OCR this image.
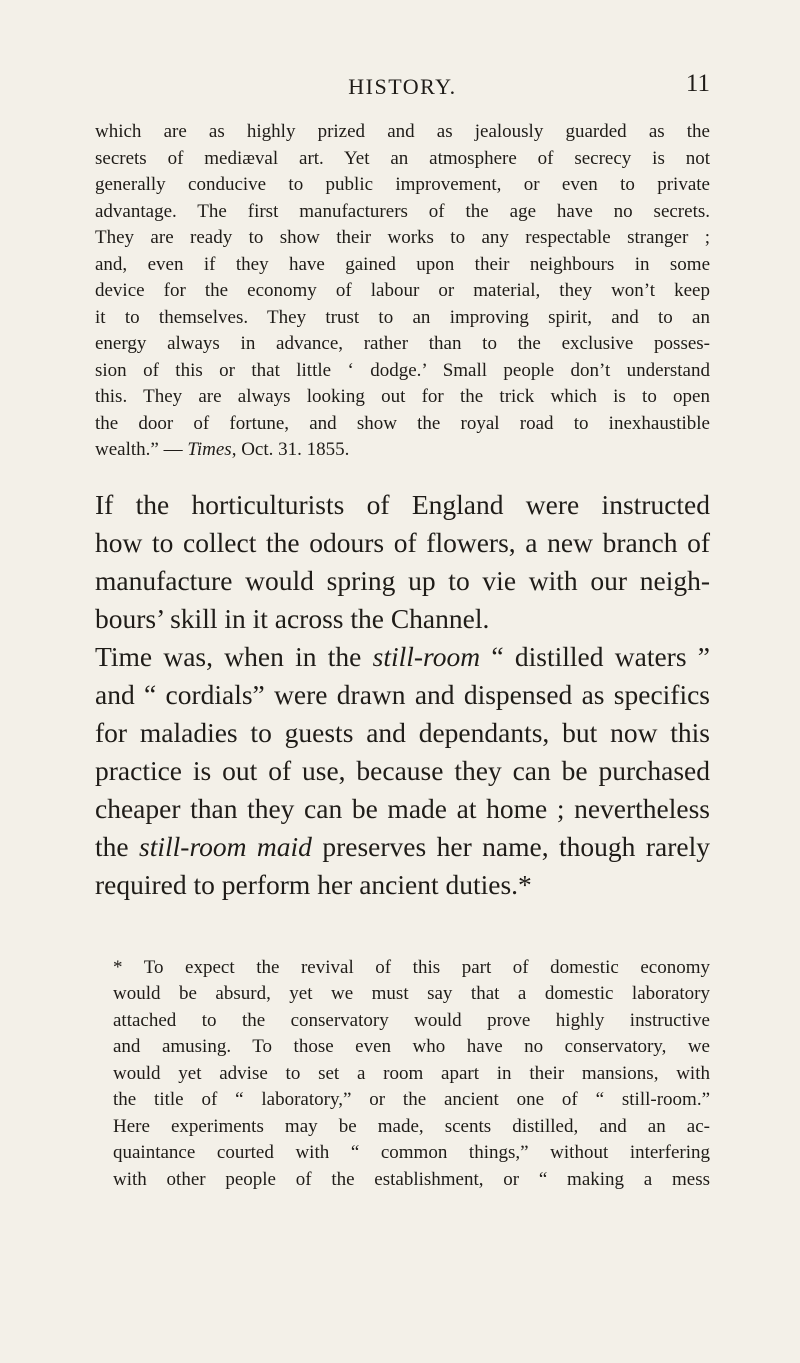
HISTORY.	11
which are as highly prized and as jealously guarded as the
secrets of mediæval art. Yet an atmosphere of secrecy is not
generally conducive to public improvement, or even to private
advantage. The first manufacturers of the age have no secrets.
They are ready to show their works to any respectable stranger ;
and, even if they have gained upon their neighbours in some
device for the economy of labour or material, they won’t keep
it to themselves. They trust to an improving spirit, and to an
energy always in advance, rather than to the exclusive posses-
sion of this or that little ‘ dodge.’ Small people don’t understand
this. They are always looking out for the trick which is to open
the door of fortune, and show the royal road to inexhaustible
wealth.” — Times, Oct. 31. 1855.
If the horticulturists of England were instructed
how to collect the odours of flowers, a new branch of
manufacture would spring up to vie with our neigh-
bours’ skill in it across the Channel.
Time was, when in the still-room “ distilled waters ”
and “ cordials” were drawn and dispensed as specifics
for maladies to guests and dependants, but now this
practice is out of use, because they can be purchased
cheaper than they can be made at home ; nevertheless
the still-room maid preserves her name, though rarely
required to perform her ancient duties.*
* To expect the revival of this part of domestic economy
would be absurd, yet we must say that a domestic laboratory
attached to the conservatory would prove highly instructive
and amusing. To those even who have no conservatory, we
would yet advise to set a room apart in their mansions, with
the title of “ laboratory,” or the ancient one of “ still-room.”
Here experiments may be made, scents distilled, and an ac-
quaintance courted with “ common things,” without interfering
with other people of the establishment, or “ making a mess
